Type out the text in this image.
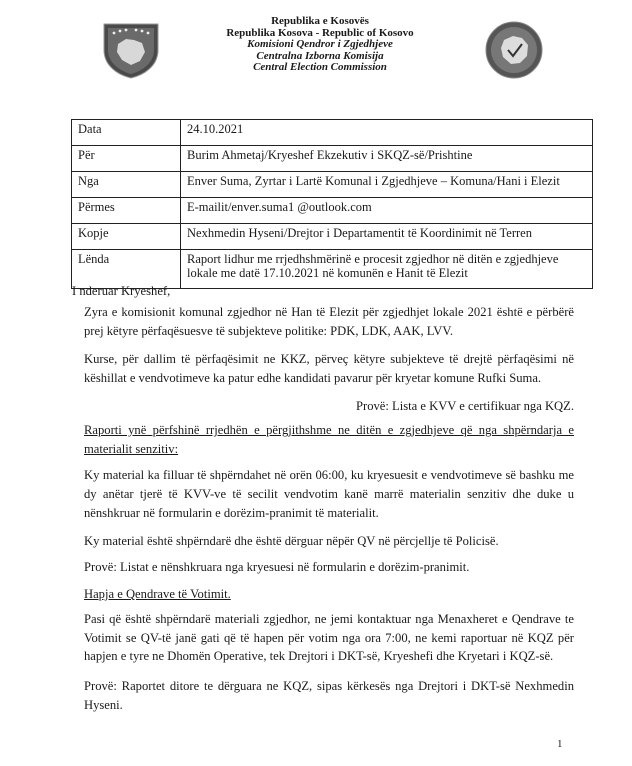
Republika e Kosovës
Republika Kosova - Republic of Kosovo
Komisioni Qendror i Zgjedhjeve
Centralna Izborna Komisija
Central Election Commission
Data	24.10.2021
Për	Burim Ahmetaj/Kryeshef Ekzekutiv i SKQZ-së/Prishtine
Nga	Enver Suma, Zyrtar i Lartë Komunal i Zgjedhjeve – Komuna/Hani i Elezit
Përmes	E-mailit/enver.suma1 @outlook.com
Kopje	Nexhmedin Hyseni/Drejtor i Departamentit të Koordinimit në Terren
Lënda	Raport lidhur me rrjedhshmërinë e procesit zgjedhor në ditën e zgjedhjeve lokale me datë 17.10.2021 në komunën e Hanit të Elezit
I nderuar Kryeshef,
Zyra e komisionit komunal zgjedhor në Han të Elezit për zgjedhjet lokale 2021 është e përbërë prej këtyre përfaqësuesve të subjekteve politike: PDK, LDK, AAK, LVV.
Kurse, për dallim të përfaqësimit ne KKZ, përveç këtyre subjekteve të drejtë përfaqësimi në këshillat e vendvotimeve ka patur edhe kandidati pavarur për kryetar komune Rufki Suma.
Provë: Lista e KVV e certifikuar nga KQZ.
Raporti ynë përfshinë rrjedhën e përgjithshme ne ditën e zgjedhjeve që nga shpërndarja e materialit senzitiv:
Ky material ka filluar të shpërndahet në orën 06:00, ku kryesuesit e vendvotimeve së bashku me dy anëtar tjerë të KVV-ve të secilit vendvotim kanë marrë materialin senzitiv dhe duke u nënshkruar në formularin e dorëzim-pranimit të materialit.
Ky material është shpërndarë dhe është dërguar nëpër QV në përcjellje të Policisë.
Provë: Listat e nënshkruara nga kryesuesi në formularin e dorëzim-pranimit.
Hapja e Qendrave të Votimit.
Pasi që është shpërndarë materiali zgjedhor, ne jemi kontaktuar nga Menaxheret e Qendrave te Votimit se QV-të janë gati që të hapen për votim nga ora 7:00, ne kemi raportuar në KQZ për hapjen e tyre ne Dhomën Operative, tek Drejtori i DKT-së, Kryeshefi dhe Kryetari i KQZ-së.
Provë: Raportet ditore te dërguara ne KQZ, sipas kërkesës nga Drejtori i DKT-së Nexhmedin Hyseni.
1
